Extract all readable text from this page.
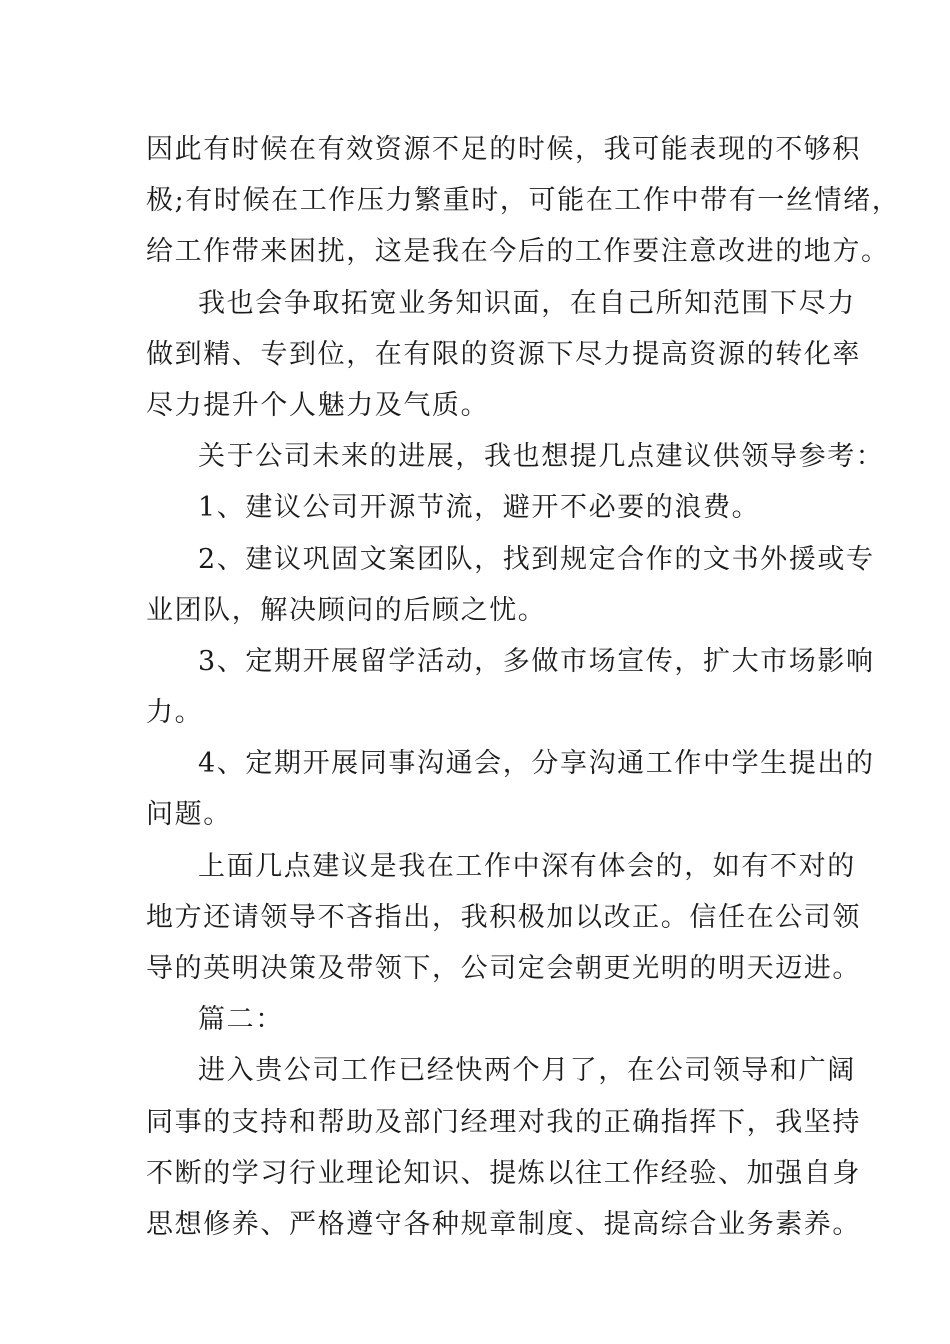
因此有时候在有效资源不足的时候，我可能表现的不够积
极;有时候在工作压力繁重时，可能在工作中带有一丝情绪，
给工作带来困扰，这是我在今后的工作要注意改进的地方。
我也会争取拓宽业务知识面，在自己所知范围下尽力
做到精、专到位，在有限的资源下尽力提高资源的转化率
尽力提升个人魅力及气质。
关于公司未来的进展，我也想提几点建议供领导参考：
1、建议公司开源节流，避开不必要的浪费。
2、建议巩固文案团队，找到规定合作的文书外援或专
业团队，解决顾问的后顾之忧。
3、定期开展留学活动，多做市场宣传，扩大市场影响
力。
4、定期开展同事沟通会，分享沟通工作中学生提出的
问题。
上面几点建议是我在工作中深有体会的，如有不对的
地方还请领导不吝指出，我积极加以改正。信任在公司领
导的英明决策及带领下，公司定会朝更光明的明天迈进。
篇二：
进入贵公司工作已经快两个月了，在公司领导和广阔
同事的支持和帮助及部门经理对我的正确指挥下，我坚持
不断的学习行业理论知识、提炼以往工作经验、加强自身
思想修养、严格遵守各种规章制度、提高综合业务素养。
